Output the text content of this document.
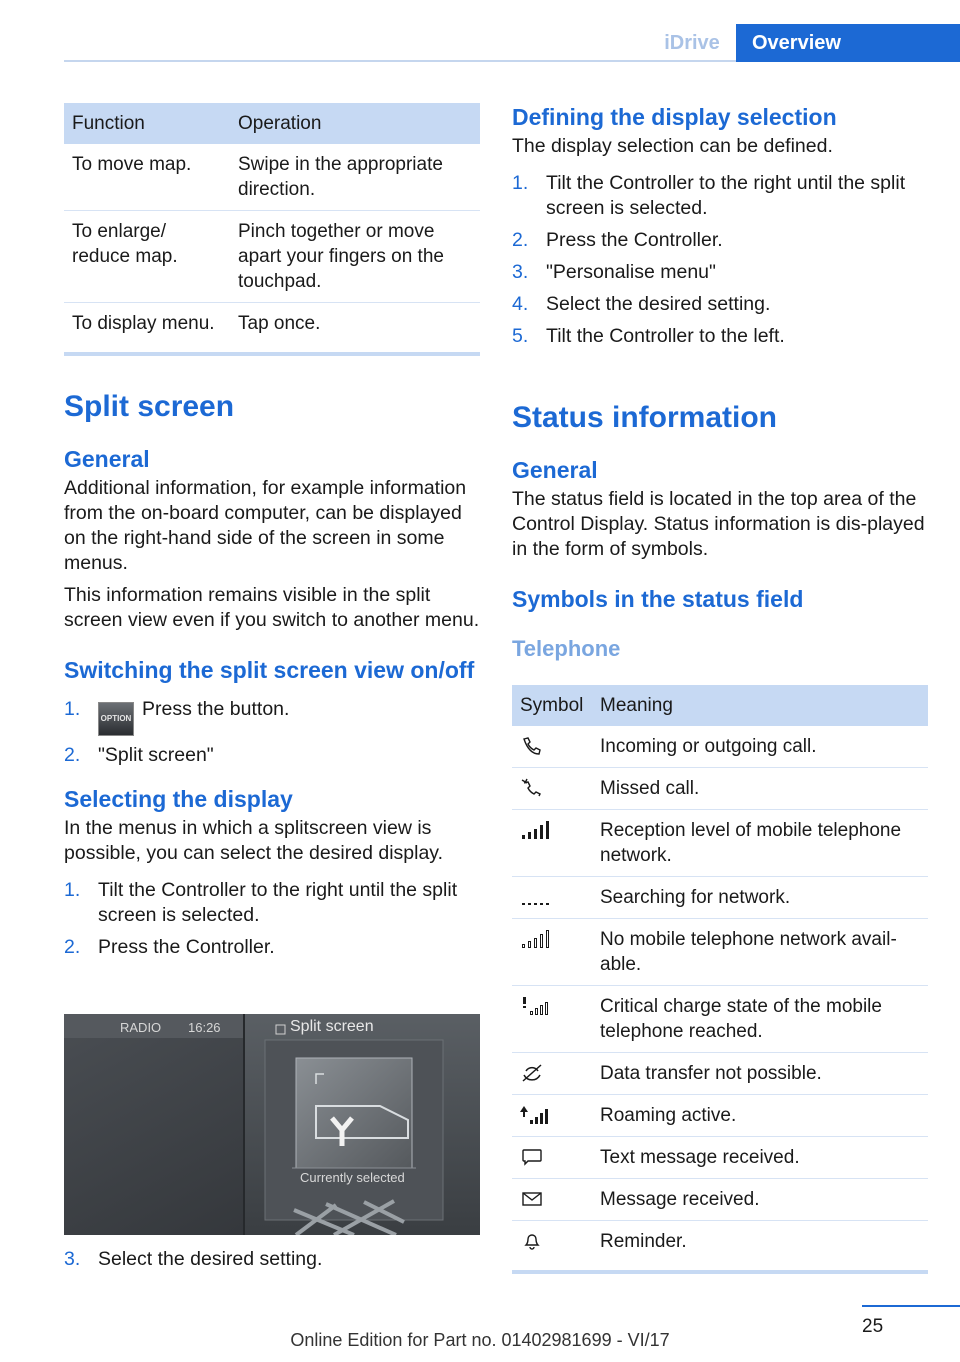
iDrive	Overview
Function	Operation
To move map.	Swipe in the appropriate direction.
To enlarge/ reduce map.	Pinch together or move apart your fingers on the touchpad.
To display menu.	Tap once.
Split screen
General

Additional information, for example information from the on-board computer, can be displayed on the right-hand side of the screen in some menus.

This information remains visible in the split screen view even if you switch to another menu.

Switching the split screen view on/off
1.	OPTION Press the button.
2. "Split screen"
Selecting the display

In the menus in which a splitscreen view is possible, you can select the desired display.

1. Tilt the Controller to the right until the split screen is selected.
2. Press the Controller.
RADIO 16:26	Split screen
Currently selected
3. Select the desired setting.
Defining the display selection

The display selection can be defined.

1. Tilt the Controller to the right until the split screen is selected.
2. Press the Controller.
3. "Personalise menu"
4. Select the desired setting.
5. Tilt the Controller to the left.
Status information
General

The status field is located in the top area of the Control Display. Status information is dis-played in the form of symbols.

Symbols in the status field
Telephone
Symbol	Meaning

	Incoming or outgoing call.

	Missed call.

	Reception level of mobile telephone network.

	Searching for network.

	No mobile telephone network avail-able.

	Critical charge state of the mobile telephone reached.

	Data transfer not possible.

	Roaming active.

	Text message received.

	Message received.

	Reminder.
25
Online Edition for Part no. 01402981699 - VI/17
